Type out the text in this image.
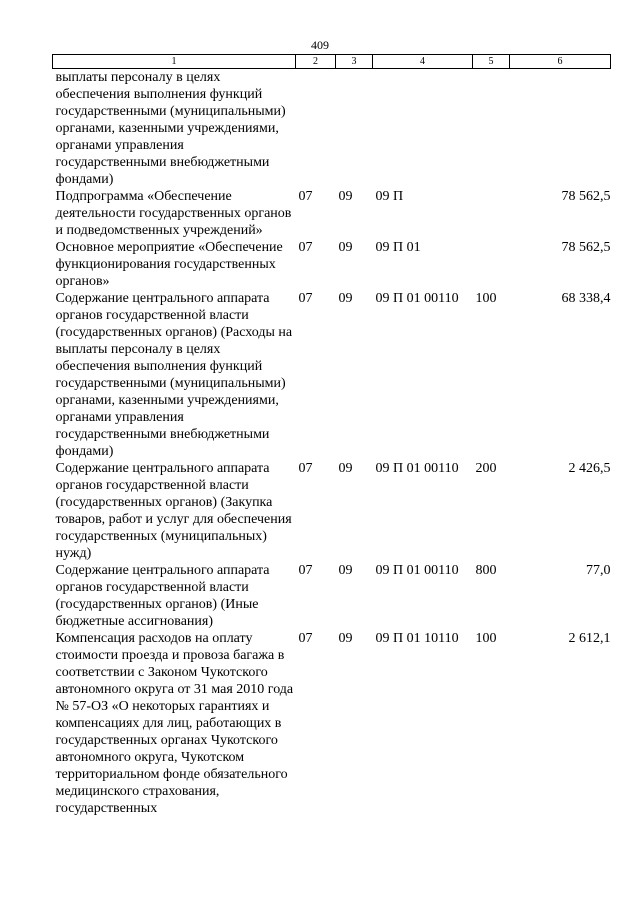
409
1	2	3	4	5	6
выплаты персоналу в целях обеспечения выполнения функций государственными (муниципальными) органами, казенными учреждениями, органами управления государственными внебюджетными фондами)					
Подпрограмма «Обеспечение деятельности государственных органов и подведомственных учреждений»	07	09	09 П		78 562,5
Основное мероприятие «Обеспечение функционирования государственных органов»	07	09	09 П 01		78 562,5
Содержание центрального аппарата органов государственной власти (государственных органов) (Расходы на выплаты персоналу в целях обеспечения выполнения функций государственными (муниципальными) органами, казенными учреждениями, органами управления государственными внебюджетными фондами)	07	09	09 П 01 00110	100	68 338,4
Содержание центрального аппарата органов государственной власти (государственных органов) (Закупка товаров, работ и услуг для обеспечения государственных (муниципальных) нужд)	07	09	09 П 01 00110	200	2 426,5
Содержание центрального аппарата органов государственной власти (государственных органов) (Иные бюджетные ассигнования)	07	09	09 П 01 00110	800	77,0
Компенсация расходов на оплату стоимости проезда и провоза багажа в соответствии с Законом Чукотского автономного округа от 31 мая 2010 года № 57-ОЗ «О некоторых гарантиях и компенсациях для лиц, работающих в государственных органах Чукотского автономного округа, Чукотском территориальном фонде обязательного медицинского страхования, государственных	07	09	09 П 01 10110	100	2 612,1
